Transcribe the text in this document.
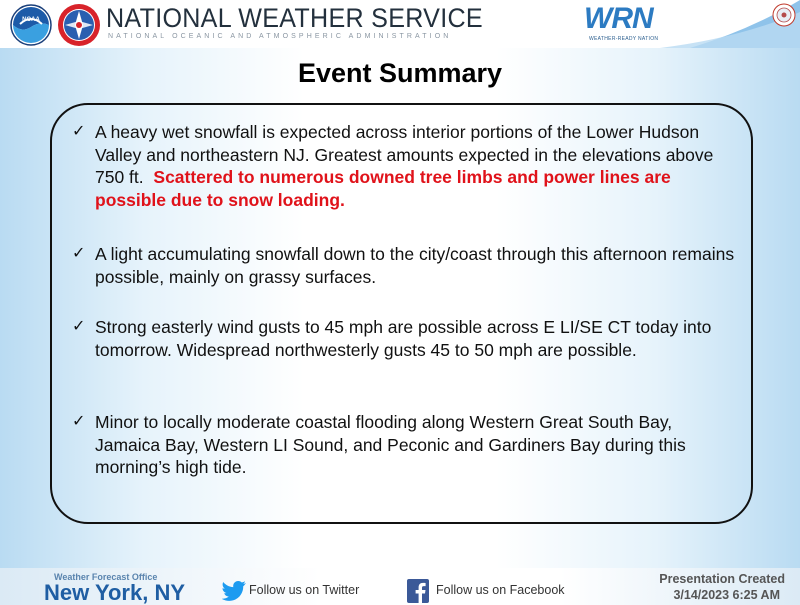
NOAA NATIONAL WEATHER SERVICE
NATIONAL OCEANIC AND ATMOSPHERIC ADMINISTRATION
WRN
WEATHER-READY NATION
Event Summary
✓ A heavy wet snowfall is expected across interior portions of the Lower Hudson Valley and northeastern NJ. Greatest amounts expected in the elevations above 750 ft. Scattered to numerous downed tree limbs and power lines are possible due to snow loading.
✓ A light accumulating snowfall down to the city/coast through this afternoon remains possible, mainly on grassy surfaces.
✓ Strong easterly wind gusts to 45 mph are possible across E LI/SE CT today into tomorrow. Widespread northwesterly gusts 45 to 50 mph are possible.
✓ Minor to locally moderate coastal flooding along Western Great South Bay, Jamaica Bay, Western LI Sound, and Peconic and Gardiners Bay during this morning’s high tide.
Weather Forecast Office
New York, NY	Follow us on Twitter	Follow us on Facebook
Presentation Created
3/14/2023 6:25 AM
